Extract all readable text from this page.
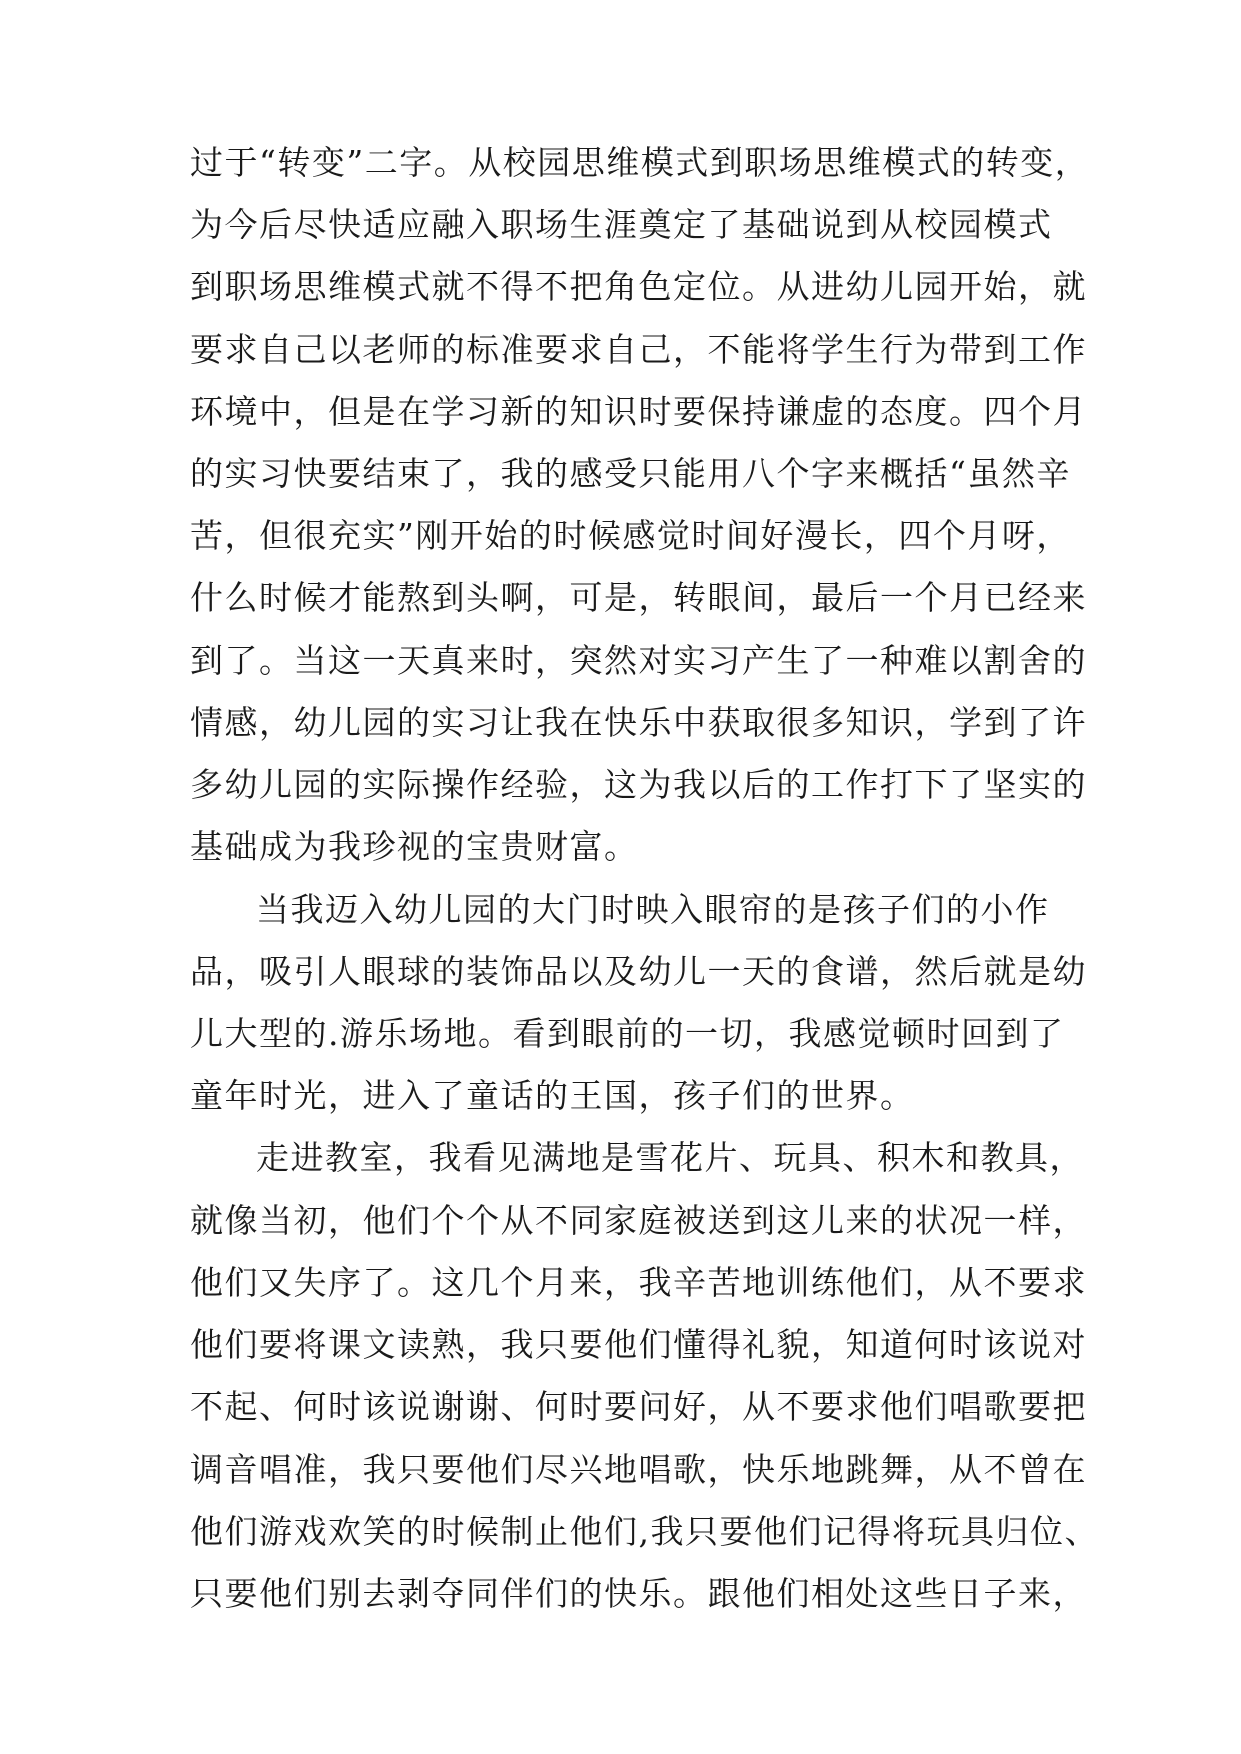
过于“转变”二字。从校园思维模式到职场思维模式的转变，
为今后尽快适应融入职场生涯奠定了基础说到从校园模式
到职场思维模式就不得不把角色定位。从进幼儿园开始，就
要求自己以老师的标准要求自己，不能将学生行为带到工作
环境中，但是在学习新的知识时要保持谦虚的态度。四个月
的实习快要结束了，我的感受只能用八个字来概括“虽然辛
苦，但很充实”刚开始的时候感觉时间好漫长，四个月呀，
什么时候才能熬到头啊，可是，转眼间，最后一个月已经来
到了。当这一天真来时，突然对实习产生了一种难以割舍的
情感，幼儿园的实习让我在快乐中获取很多知识，学到了许
多幼儿园的实际操作经验，这为我以后的工作打下了坚实的
基础成为我珍视的宝贵财富。
当我迈入幼儿园的大门时映入眼帘的是孩子们的小作
品，吸引人眼球的装饰品以及幼儿一天的食谱，然后就是幼
儿大型的.游乐场地。看到眼前的一切，我感觉顿时回到了
童年时光，进入了童话的王国，孩子们的世界。
走进教室，我看见满地是雪花片、玩具、积木和教具，
就像当初，他们个个从不同家庭被送到这儿来的状况一样，
他们又失序了。这几个月来，我辛苦地训练他们，从不要求
他们要将课文读熟，我只要他们懂得礼貌，知道何时该说对
不起、何时该说谢谢、何时要问好，从不要求他们唱歌要把
调音唱准，我只要他们尽兴地唱歌，快乐地跳舞，从不曾在
他们游戏欢笑的时候制止他们,我只要他们记得将玩具归位、
只要他们别去剥夺同伴们的快乐。跟他们相处这些日子来，
